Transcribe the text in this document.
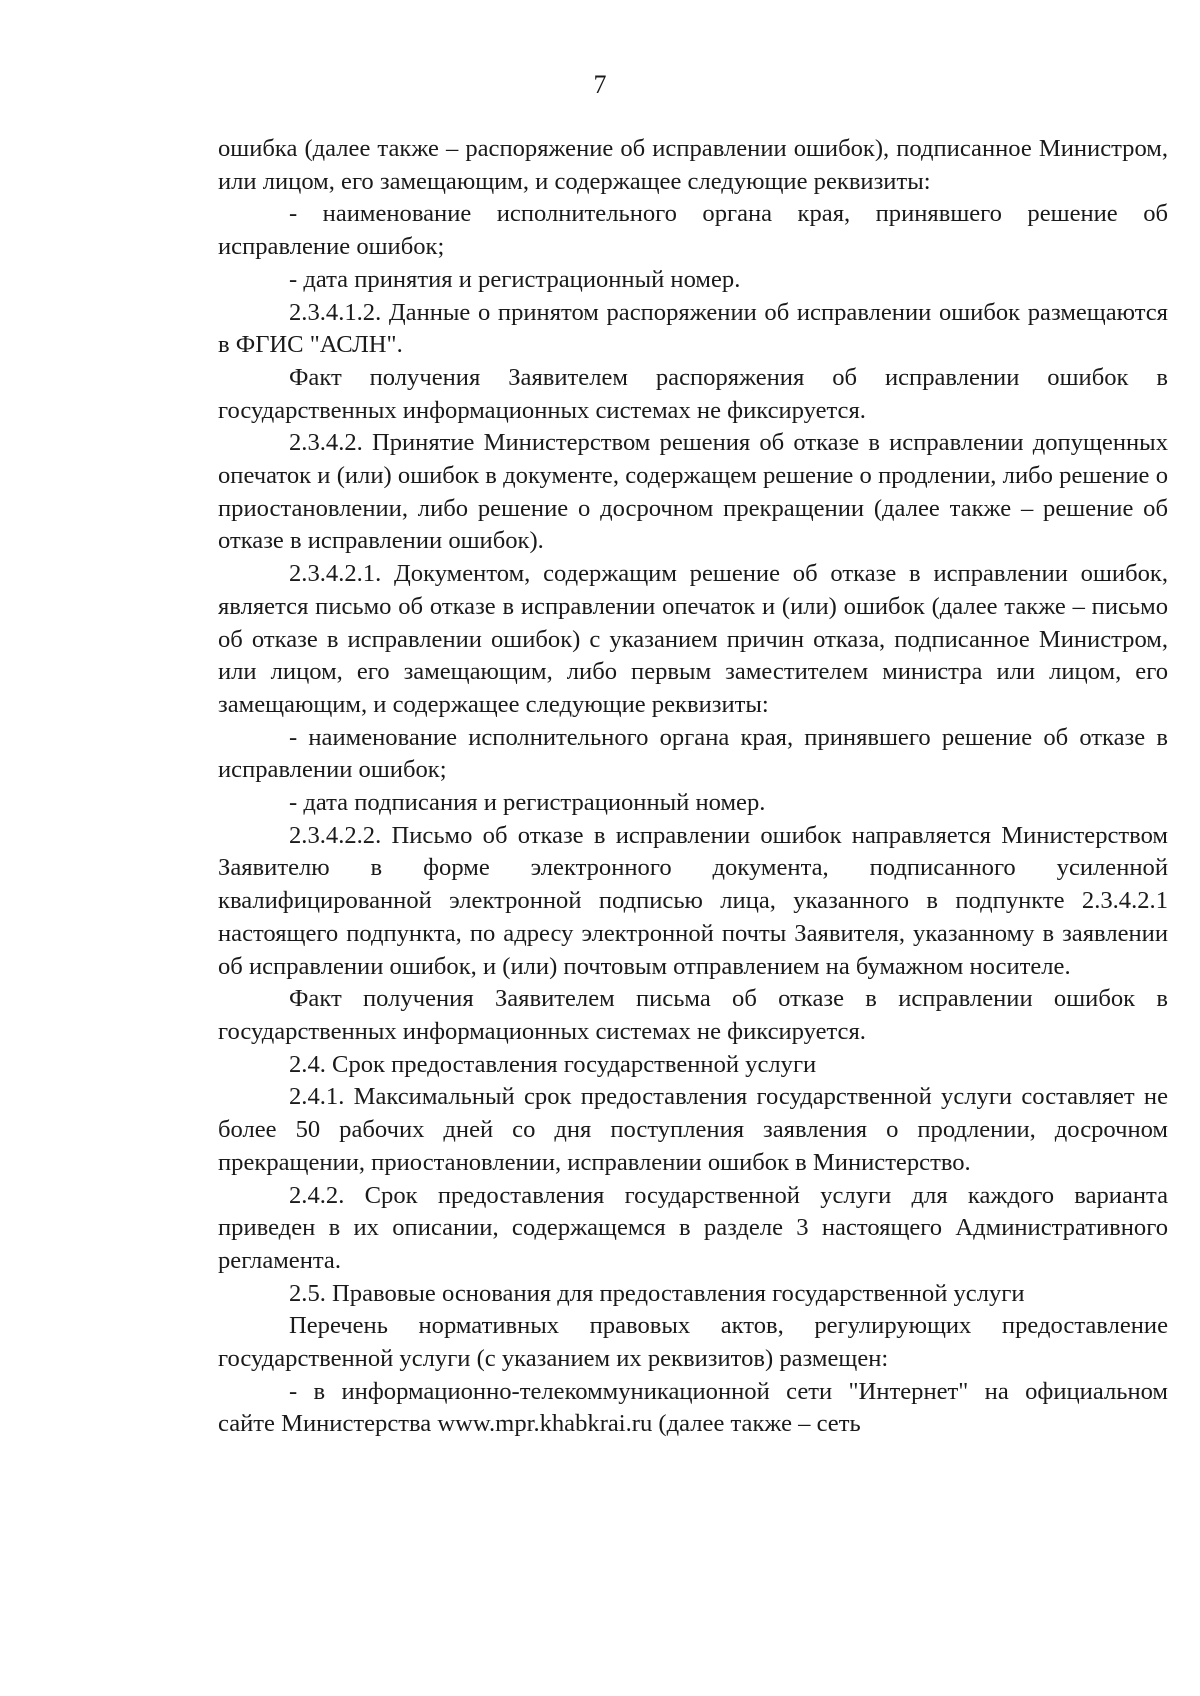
7

ошибка (далее также – распоряжение об исправлении ошибок), подписанное Министром, или лицом, его замещающим, и содержащее следующие реквизиты:

- наименование исполнительного органа края, принявшего решение об исправление ошибок;

- дата принятия и регистрационный номер.

2.3.4.1.2. Данные о принятом распоряжении об исправлении ошибок размещаются в ФГИС "АСЛН".

Факт получения Заявителем распоряжения об исправлении ошибок в государственных информационных системах не фиксируется.

2.3.4.2. Принятие Министерством решения об отказе в исправлении допущенных опечаток и (или) ошибок в документе, содержащем решение о продлении, либо решение о приостановлении, либо решение о досрочном прекращении (далее также – решение об отказе в исправлении ошибок).

2.3.4.2.1. Документом, содержащим решение об отказе в исправлении ошибок, является письмо об отказе в исправлении опечаток и (или) ошибок (далее также – письмо об отказе в исправлении ошибок) с указанием причин отказа, подписанное Министром, или лицом, его замещающим, либо первым заместителем министра или лицом, его замещающим, и содержащее следующие реквизиты:

- наименование исполнительного органа края, принявшего решение об отказе в исправлении ошибок;

- дата подписания и регистрационный номер.

2.3.4.2.2. Письмо об отказе в исправлении ошибок направляется Министерством Заявителю в форме электронного документа, подписанного усиленной квалифицированной электронной подписью лица, указанного в подпункте 2.3.4.2.1 настоящего подпункта, по адресу электронной почты Заявителя, указанному в заявлении об исправлении ошибок, и (или) почтовым отправлением на бумажном носителе.

Факт получения Заявителем письма об отказе в исправлении ошибок в государственных информационных системах не фиксируется.

2.4. Срок предоставления государственной услуги

2.4.1. Максимальный срок предоставления государственной услуги составляет не более 50 рабочих дней со дня поступления заявления о продлении, досрочном прекращении, приостановлении, исправлении ошибок в Министерство.

2.4.2. Срок предоставления государственной услуги для каждого варианта приведен в их описании, содержащемся в разделе 3 настоящего Административного регламента.

2.5. Правовые основания для предоставления государственной услуги

Перечень нормативных правовых актов, регулирующих предоставление государственной услуги (с указанием их реквизитов) размещен:

- в информационно-телекоммуникационной сети "Интернет" на официальном сайте Министерства www.mpr.khabkrai.ru (далее также – сеть
